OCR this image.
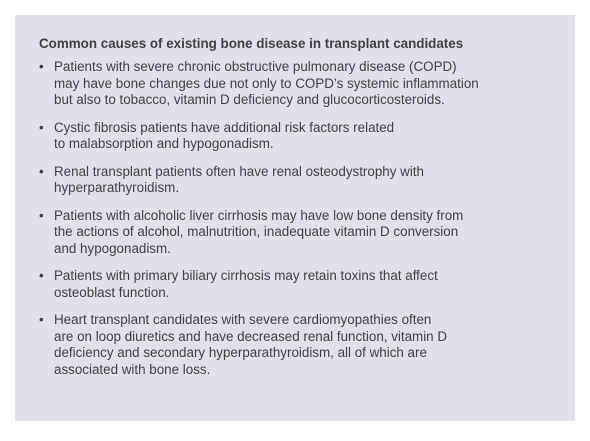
Common causes of existing bone disease in transplant candidates
• Patients with severe chronic obstructive pulmonary disease (COPD)
may have bone changes due not only to COPD’s systemic inflammation
but also to tobacco, vitamin D deficiency and glucocorticosteroids.
• Cystic fibrosis patients have additional risk factors related
to malabsorption and hypogonadism.
• Renal transplant patients often have renal osteodystrophy with
hyperparathyroidism.
• Patients with alcoholic liver cirrhosis may have low bone density from
the actions of alcohol, malnutrition, inadequate vitamin D conversion
and hypogonadism.
• Patients with primary biliary cirrhosis may retain toxins that affect
osteoblast function.
• Heart transplant candidates with severe cardiomyopathies often
are on loop diuretics and have decreased renal function, vitamin D
deficiency and secondary hyperparathyroidism, all of which are
associated with bone loss.
